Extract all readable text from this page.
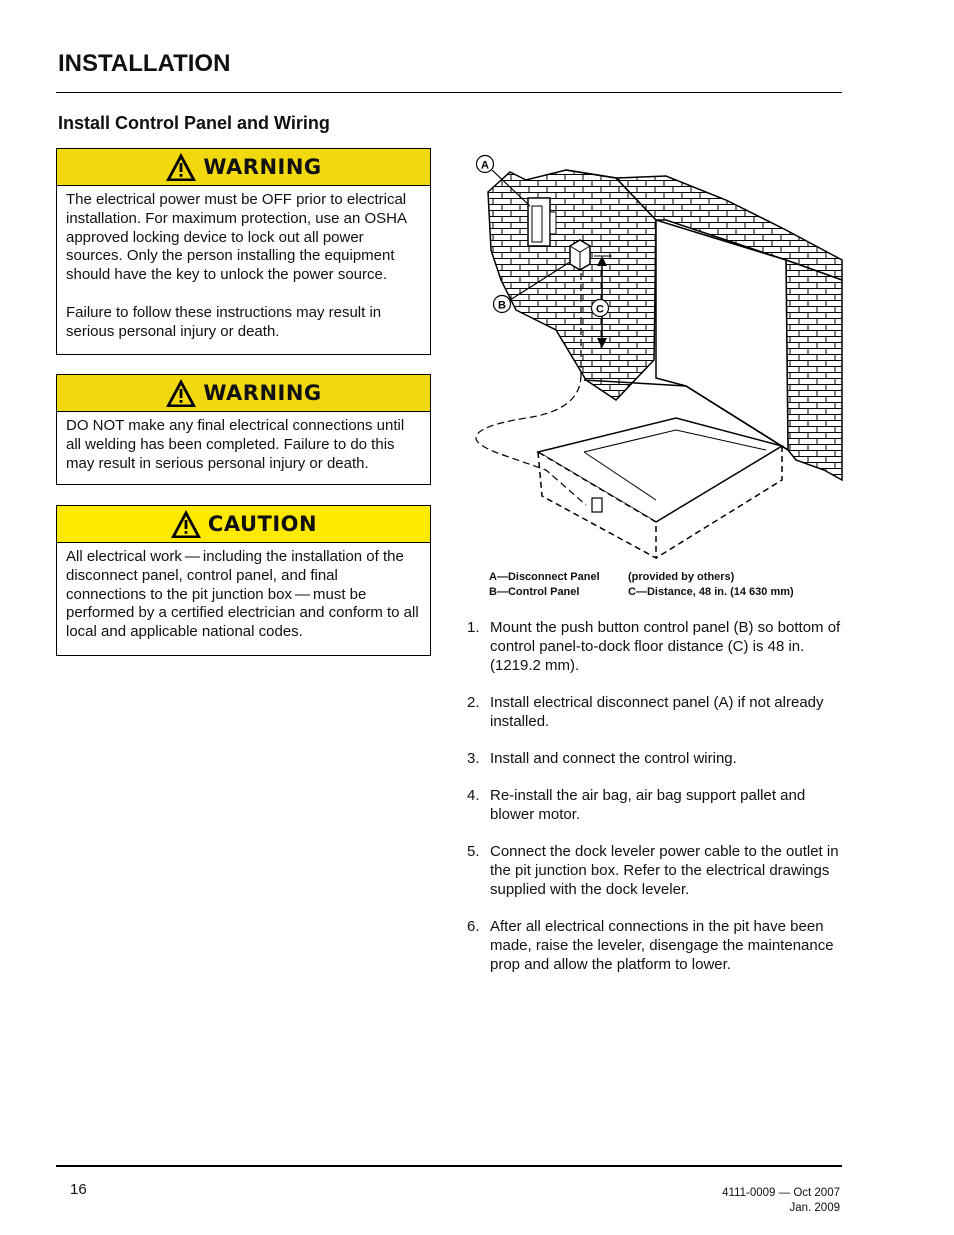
INSTALLATION
Install Control Panel and Wiring
WARNING

The electrical power must be OFF prior to electrical installation. For maximum protection, use an OSHA approved locking device to lock out all power sources. Only the person installing the equipment should have the key to unlock the power source.

Failure to follow these instructions may result in serious personal injury or death.

WARNING

DO NOT make any final electrical connections until all welding has been completed. Failure to do this may result in serious personal injury or death.

CAUTION

All electrical work — including the installation of the disconnect panel, control panel, and final connections to the pit junction box — must be performed by a certified electrician and conform to all local and applicable national codes.

A
B	C
A—Disconnect Panel	(provided by others)
B—Control Panel	C—Distance, 48 in. (14 630 mm)
1. Mount the push button control panel (B) so bottom of control panel-to-dock floor distance (C) is 48 in. (1219.2 mm).
2. Install electrical disconnect panel (A) if not already installed.
3. Install and connect the control wiring.
4. Re-install the air bag, air bag support pallet and blower motor.
5. Connect the dock leveler power cable to the outlet in the pit junction box. Refer to the electrical drawings supplied with the dock leveler.
6. After all electrical connections in the pit have been made, raise the leveler, disengage the maintenance prop and allow the platform to lower.
16	4111-0009 — Oct 2007
Jan. 2009
